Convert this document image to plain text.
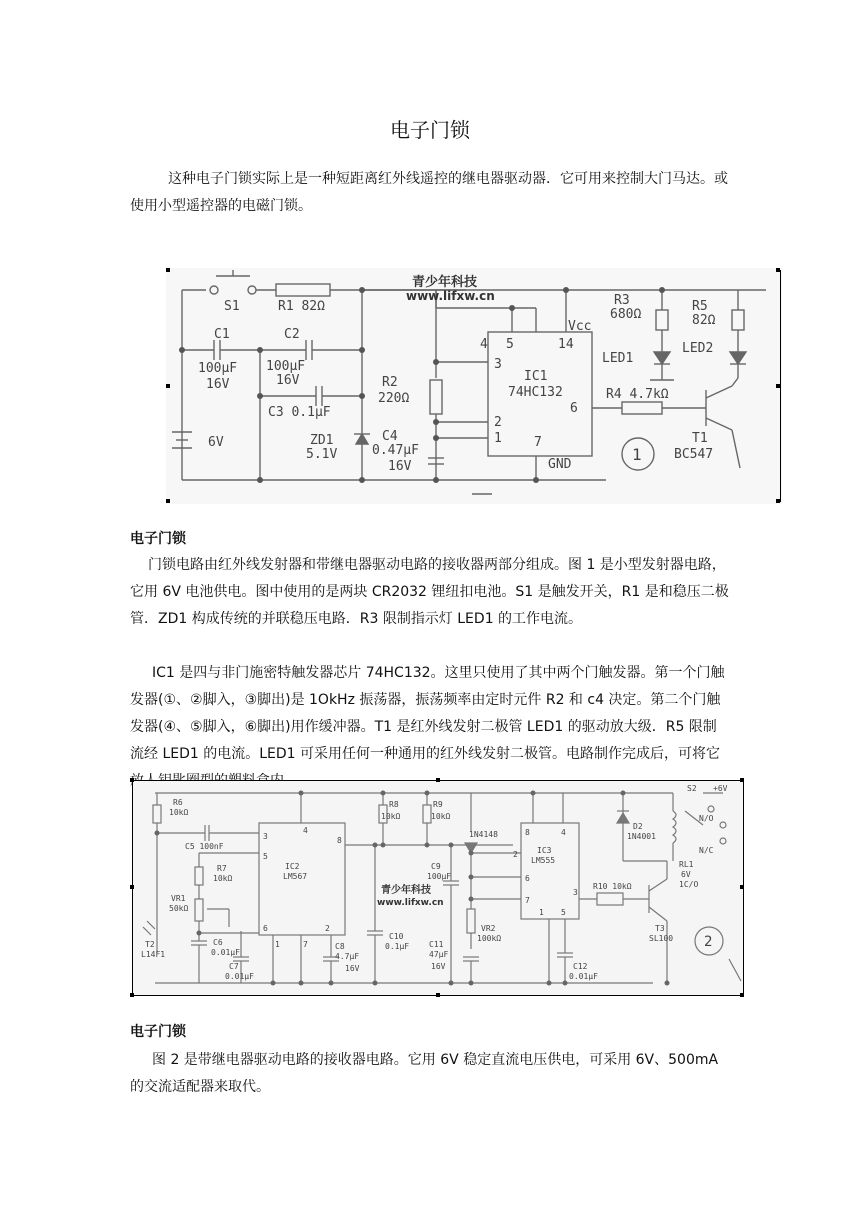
电子门锁
这种电子门锁实际上是一种短距离红外线遥控的继电器驱动器．它可用来控制大门马达。或使用小型遥控器的电磁门锁。
S1	R1 82Ω
C1
100μF
16V
C2
100μF
16V
C3 0.1μF
R2
220Ω
ZD1
5.1V
C4
0.47μF
16V
6V
4 5	14
Vcc
3
2
1 7
6
IC1
74HC132
GND
R3
680Ω
R5
82Ω
LED1
LED2
R4 4.7kΩ
T1
BC547
1
青少年科技
www.lifxw.cn
电子门锁
门锁电路由红外线发射器和带继电器驱动电路的接收器两部分组成。图 1 是小型发射器电路，它用 6V 电池供电。图中使用的是两块 CR2032 锂纽扣电池。S1 是触发开关，R1 是和稳压二极管．ZD1 构成传统的并联稳压电路．R3 限制指示灯 LED1 的工作电流。
IC1 是四与非门施密特触发器芯片 74HC132。这里只使用了其中两个门触发器。第一个门触发器(①、②脚入，③脚出)是 1OkHz 振荡器，振荡频率由定时元件 R2 和 c4 决定。第二个门触发器(④、⑤脚入，⑥脚出)用作缓冲器。T1 是红外线发射二极管 LED1 的驱动放大级．R5 限制流经 LED1 的电流。LED1 可采用任何一种通用的红外线发射二极管。电路制作完成后，可将它
R6
10kΩ
C5 100nF
R7
10kΩ
VR1
50kΩ
T2
L14F1
C6
0.01μF
C7
0.01μF
IC2
LM567
3
5
6
1	7
2
4
8
C8
4.7μF
16V
R8
10kΩ
R9
10kΩ
C10
0.1μF
C9
100μF
1N4148
C11
47μF
16V
VR2
100kΩ
IC3
LM555
8	4
2
6
7
1 5
3
C12
0.01μF
R10 10kΩ
T3
SL100
D2
1N4001
RL1
6V
1C/O
S2 +6V
N/O
N/C
2
青少年科技
www.lifxw.cn
电子门锁
图 2 是带继电器驱动电路的接收器电路。它用 6V 稳定直流电压供电，可采用 6V、500mA 的交流适配器来取代。
